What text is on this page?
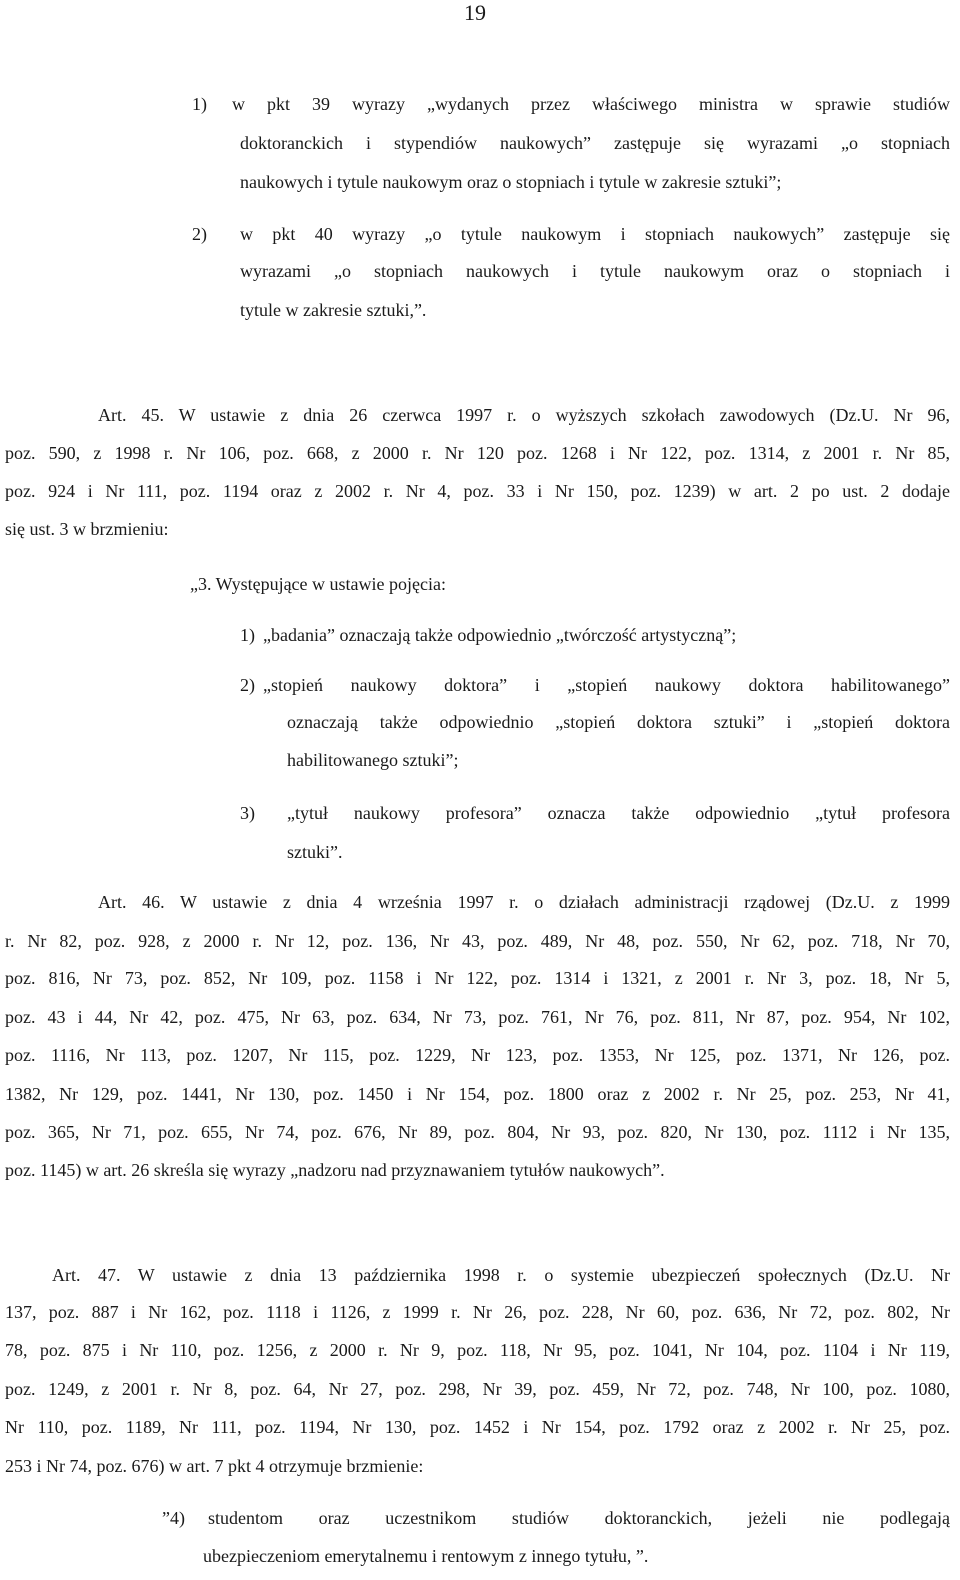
19
1) w pkt 39 wyrazy „wydanych przez właściwego ministra w sprawie studiów
doktoranckich i stypendiów naukowych” zastępuje się wyrazami „o stopniach
naukowych i tytule naukowym oraz o stopniach i tytule w zakresie sztuki”;
2) w pkt 40 wyrazy „o tytule naukowym i stopniach naukowych” zastępuje się
wyrazami „o stopniach naukowych i tytule naukowym oraz o stopniach i
tytule w zakresie sztuki,”.
Art. 45. W ustawie z dnia 26 czerwca 1997 r. o wyższych szkołach zawodowych (Dz.U. Nr 96,
poz. 590, z 1998 r. Nr 106, poz. 668, z 2000 r. Nr 120 poz. 1268 i Nr 122, poz. 1314, z 2001 r. Nr 85,
poz. 924 i Nr 111, poz. 1194 oraz z 2002 r. Nr 4, poz. 33 i Nr 150, poz. 1239) w art. 2 po ust. 2 dodaje
się ust. 3 w brzmieniu:
„3. Występujące w ustawie pojęcia:
1) „badania” oznaczają także odpowiednio „twórczość artystyczną”;
2) „stopień naukowy doktora” i „stopień naukowy doktora habilitowanego”
oznaczają także odpowiednio „stopień doktora sztuki” i „stopień doktora
habilitowanego sztuki”;
3) „tytuł naukowy profesora” oznacza także odpowiednio „tytuł profesora
sztuki”.
Art. 46. W ustawie z dnia 4 września 1997 r. o działach administracji rządowej (Dz.U. z 1999
r. Nr 82, poz. 928, z 2000 r. Nr 12, poz. 136, Nr 43, poz. 489, Nr 48, poz. 550, Nr 62, poz. 718, Nr 70,
poz. 816, Nr 73, poz. 852, Nr 109, poz. 1158 i Nr 122, poz. 1314 i 1321, z 2001 r. Nr 3, poz. 18, Nr 5,
poz. 43 i 44, Nr 42, poz. 475, Nr 63, poz. 634, Nr 73, poz. 761, Nr 76, poz. 811, Nr 87, poz. 954, Nr 102,
poz. 1116, Nr 113, poz. 1207, Nr 115, poz. 1229, Nr 123, poz. 1353, Nr 125, poz. 1371, Nr 126, poz.
1382, Nr 129, poz. 1441, Nr 130, poz. 1450 i Nr 154, poz. 1800 oraz z 2002 r. Nr 25, poz. 253, Nr 41,
poz. 365, Nr 71, poz. 655, Nr 74, poz. 676, Nr 89, poz. 804, Nr 93, poz. 820, Nr 130, poz. 1112 i Nr 135,
poz. 1145) w art. 26 skreśla się wyrazy „nadzoru nad przyznawaniem tytułów naukowych”.
Art. 47. W ustawie z dnia 13 października 1998 r. o systemie ubezpieczeń społecznych (Dz.U. Nr
137, poz. 887 i Nr 162, poz. 1118 i 1126, z 1999 r. Nr 26, poz. 228, Nr 60, poz. 636, Nr 72, poz. 802, Nr
78, poz. 875 i Nr 110, poz. 1256, z 2000 r. Nr 9, poz. 118, Nr 95, poz. 1041, Nr 104, poz. 1104 i Nr 119,
poz. 1249, z 2001 r. Nr 8, poz. 64, Nr 27, poz. 298, Nr 39, poz. 459, Nr 72, poz. 748, Nr 100, poz. 1080,
Nr 110, poz. 1189, Nr 111, poz. 1194, Nr 130, poz. 1452 i Nr 154, poz. 1792 oraz z 2002 r. Nr 25, poz.
253 i Nr 74, poz. 676) w art. 7 pkt 4 otrzymuje brzmienie:
”4) studentom oraz uczestnikom studiów doktoranckich, jeżeli nie podlegają
ubezpieczeniom emerytalnemu i rentowym z innego tytułu, ”.
